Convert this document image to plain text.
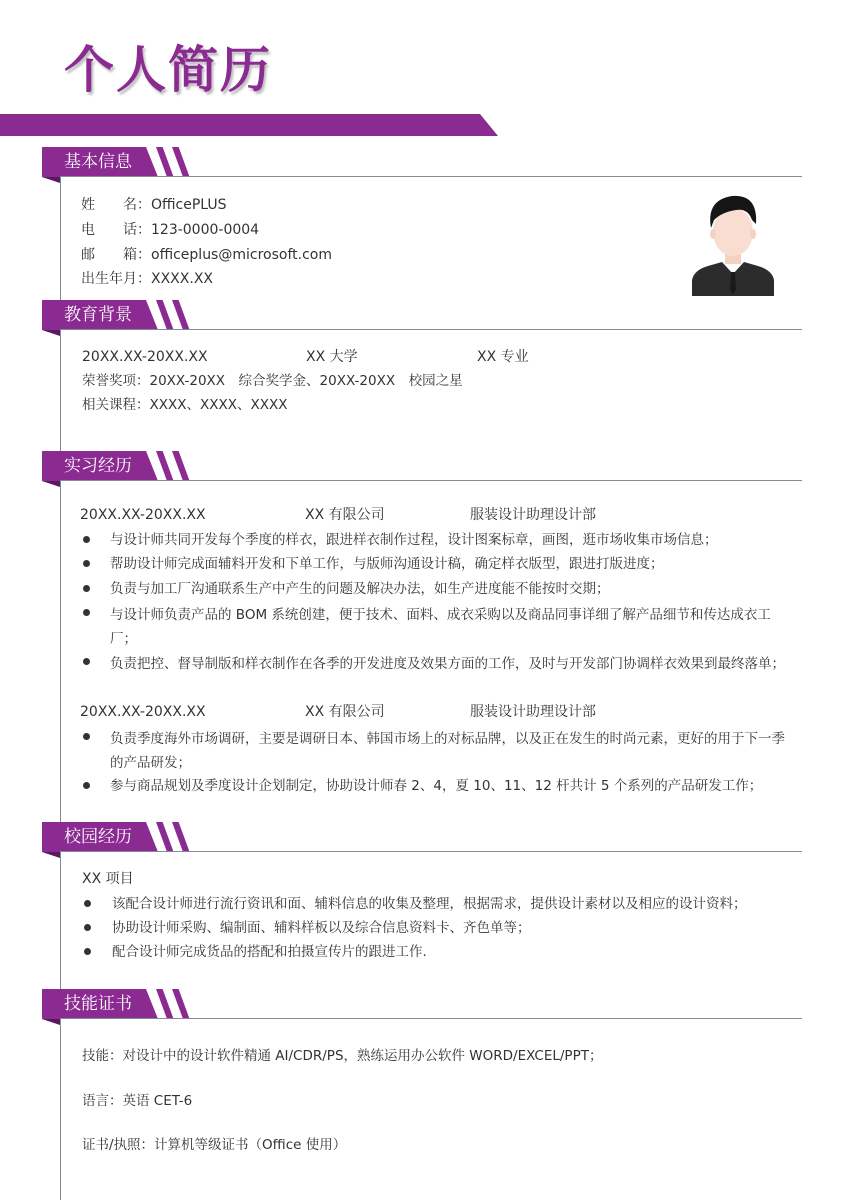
个人简历
基本信息
姓　　名：OfficePLUS
电　　话：123-0000-0004
邮　　箱：officeplus@microsoft.com
出生年月：XXXX.XX
教育背景
20XX.XX-20XX.XX	XX 大学	XX 专业
荣誉奖项：20XX-20XX　综合奖学金、20XX-20XX　校园之星
相关课程：XXXX、XXXX、XXXX
实习经历
20XX.XX-20XX.XX	XX 有限公司	服装设计助理设计部
与设计师共同开发每个季度的样衣，跟进样衣制作过程，设计图案标章，画图，逛市场收集市场信息；
帮助设计师完成面辅料开发和下单工作，与版师沟通设计稿，确定样衣版型，跟进打版进度；
负责与加工厂沟通联系生产中产生的问题及解决办法，如生产进度能不能按时交期；
与设计师负责产品的 BOM 系统创建，便于技术、面料、成衣采购以及商品同事详细了解产品细节和传达成衣工厂；
负责把控、督导制版和样衣制作在各季的开发进度及效果方面的工作，及时与开发部门协调样衣效果到最终落单；
20XX.XX-20XX.XX	XX 有限公司	服装设计助理设计部
负责季度海外市场调研，主要是调研日本、韩国市场上的对标品牌，以及正在发生的时尚元素，更好的用于下一季的产品研发；
参与商品规划及季度设计企划制定，协助设计师春 2、4，夏 10、11、12 杆共计 5 个系列的产品研发工作；
校园经历
XX 项目
该配合设计师进行流行资讯和面、辅料信息的收集及整理，根据需求，提供设计素材以及相应的设计资料；
协助设计师采购、编制面、辅料样板以及综合信息资料卡、齐色单等；
配合设计师完成货品的搭配和拍摄宣传片的跟进工作.
技能证书
技能：对设计中的设计软件精通 AI/CDR/PS，熟练运用办公软件 WORD/EXCEL/PPT；
语言：英语 CET-6
证书/执照：计算机等级证书（Office 使用）
